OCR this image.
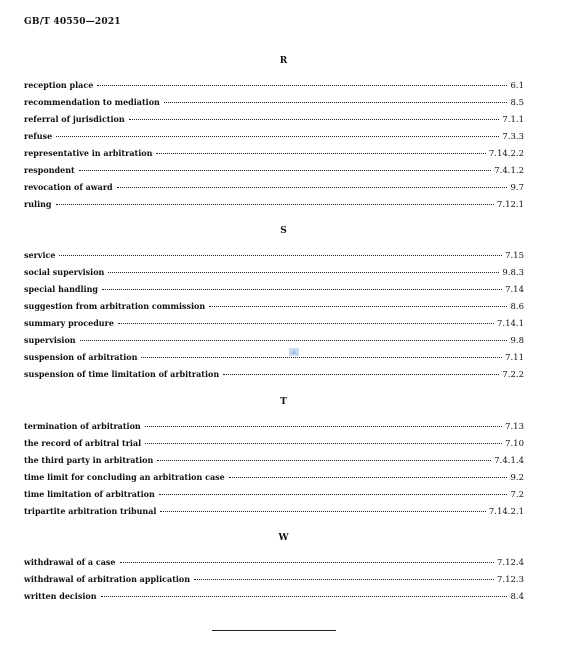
GB/T 40550—2021
R
reception place	6.1
recommendation to mediation	8.5
referral of jurisdiction	7.1.1
refuse	7.3.3
representative in arbitration	7.14.2.2
respondent	7.4.1.2
revocation of award	9.7
ruling	7.12.1
S
service	7.15
social supervision	9.8.3
special handling	7.14
suggestion from arbitration commission	8.6
summary procedure	7.14.1
supervision	9.8
suspension of arbitration	7.11
suspension of time limitation of arbitration	7.2.2
T
termination of arbitration	7.13
the record of arbitral trial	7.10
the third party in arbitration	7.4.1.4
time limit for concluding an arbitration case	9.2
time limitation of arbitration	7.2
tripartite arbitration tribunal	7.14.2.1
W
withdrawal of a case	7.12.4
withdrawal of arbitration application	7.12.3
written decision	8.4
